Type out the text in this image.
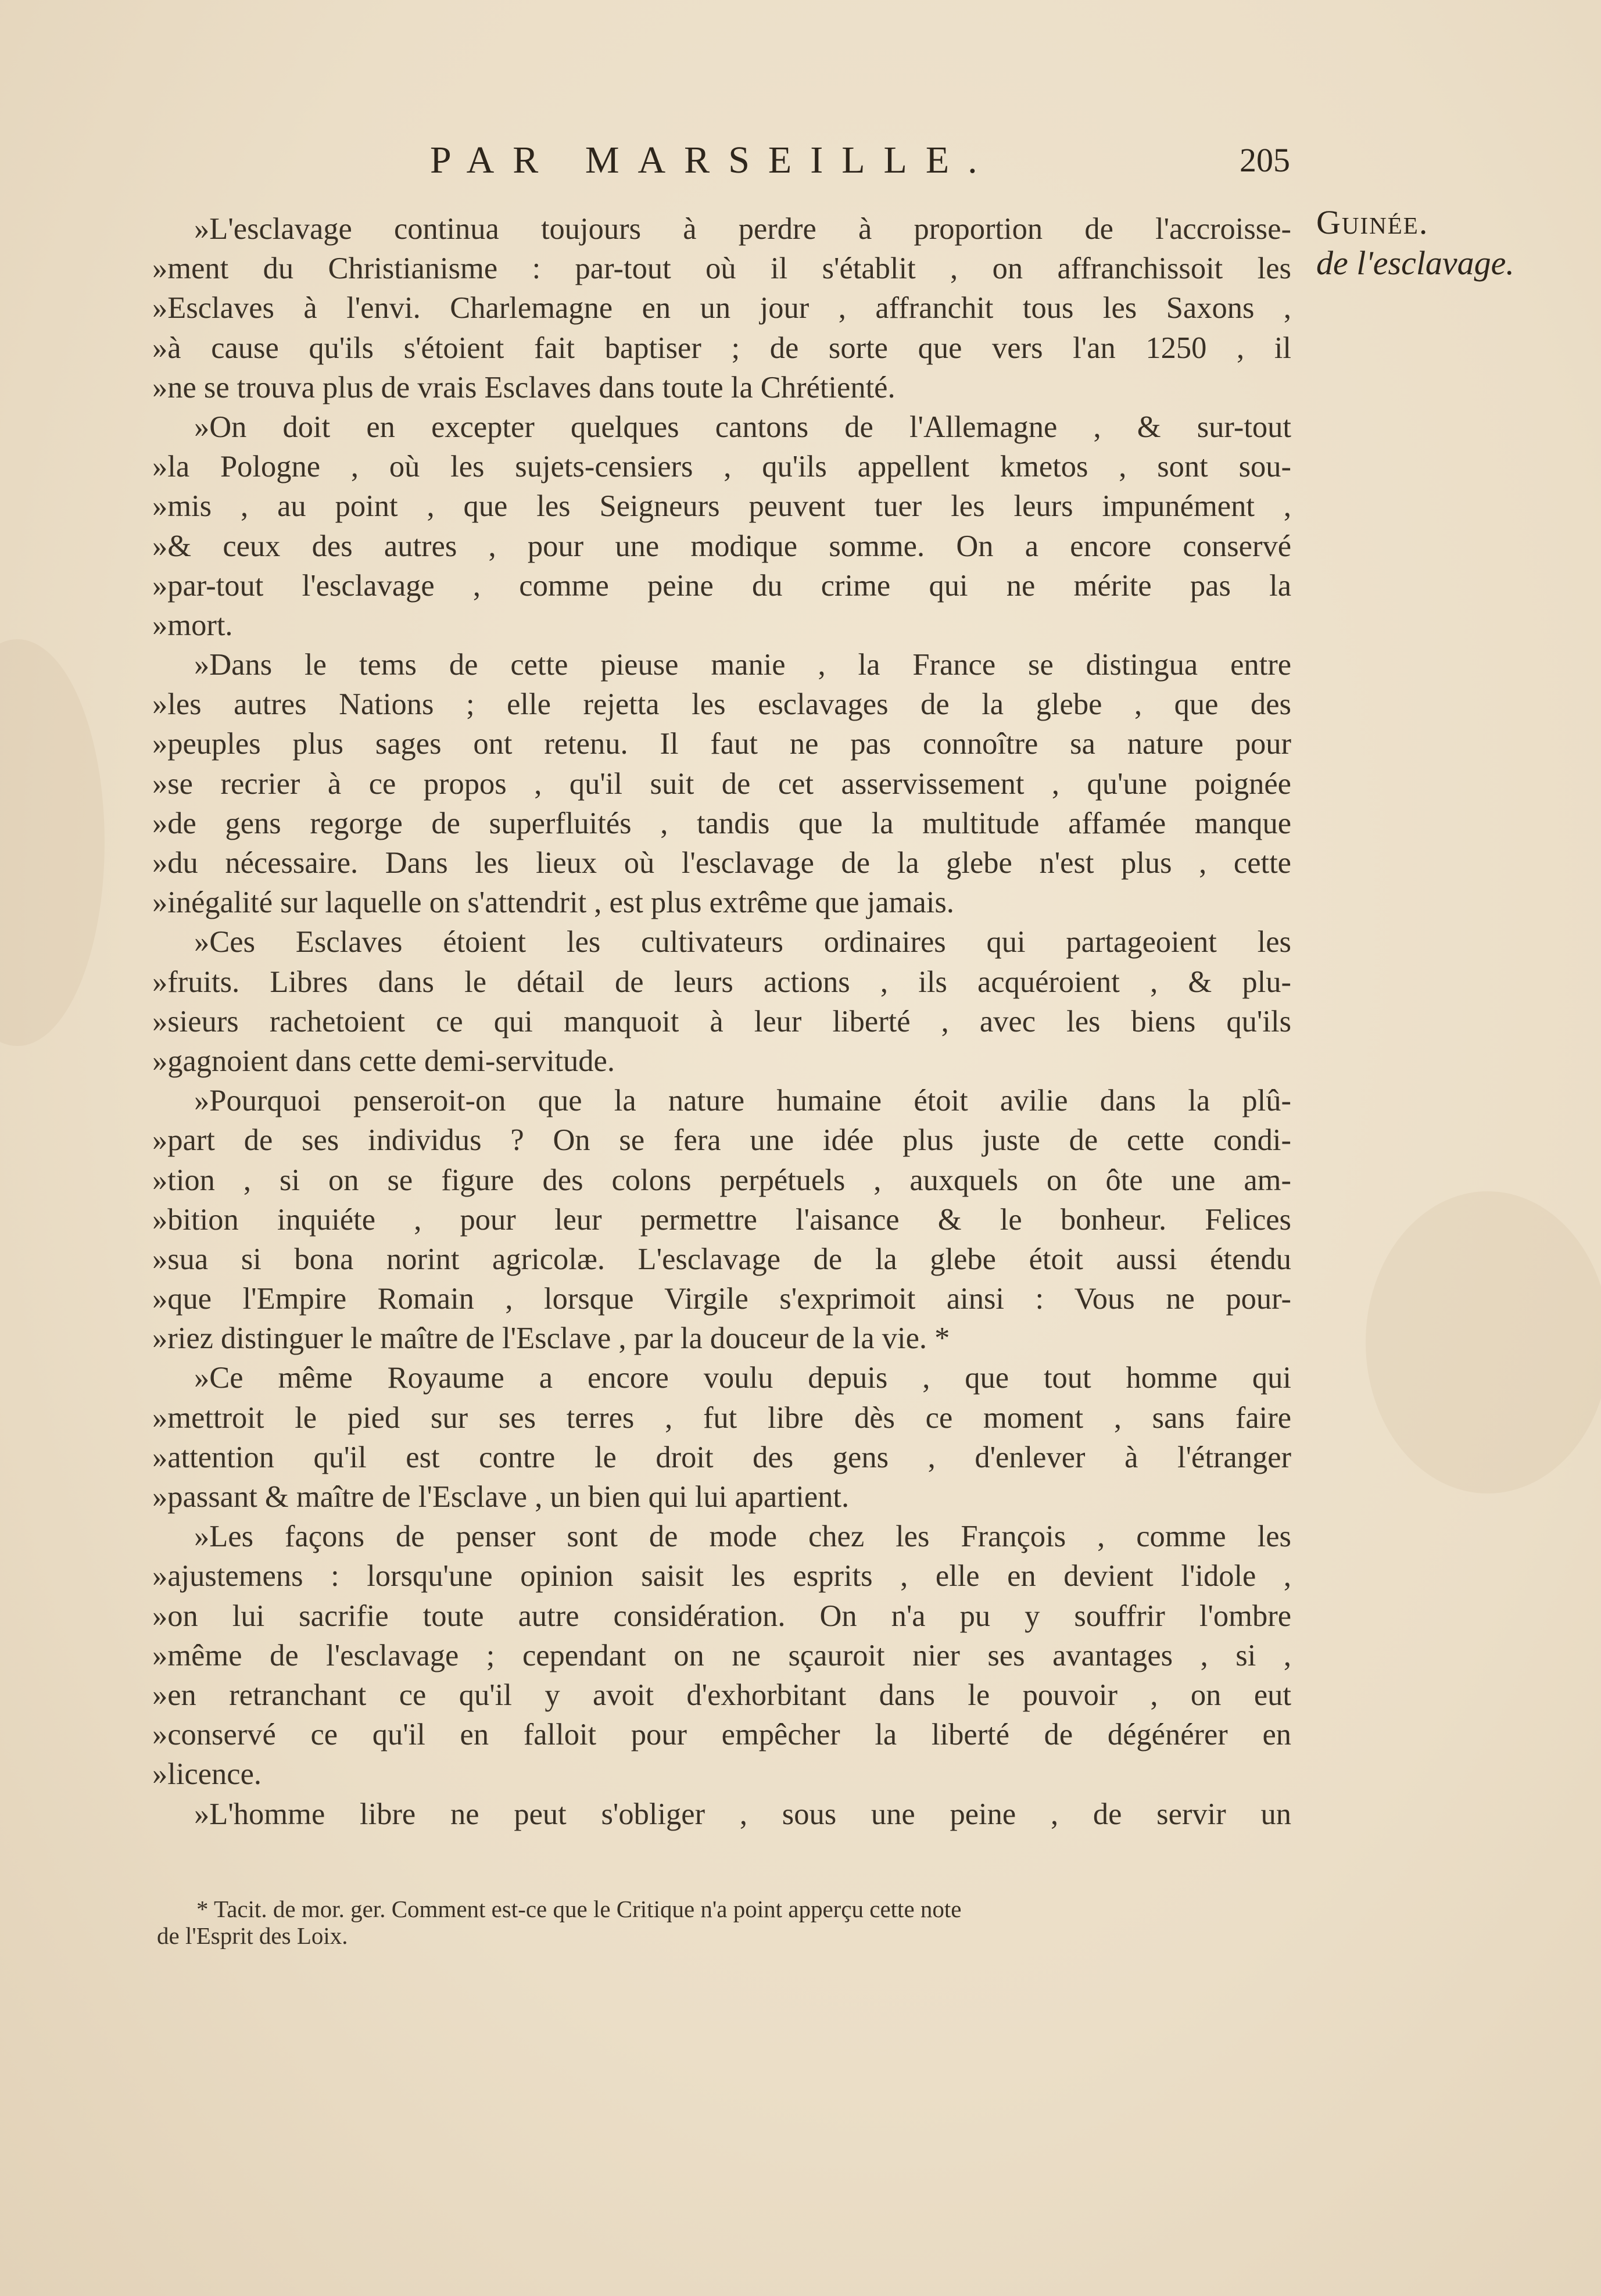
PAR MARSEILLE.	205
Guinée.
de l'esclavage.
»L'esclavage continua toujours à perdre à proportion de l'accroisse-
»ment du Christianisme : par-tout où il s'établit , on affranchissoit les
»Esclaves à l'envi. Charlemagne en un jour , affranchit tous les Saxons ,
»à cause qu'ils s'étoient fait baptiser ; de sorte que vers l'an 1250 , il
»ne se trouva plus de vrais Esclaves dans toute la Chrétienté.
»On doit en excepter quelques cantons de l'Allemagne , & sur-tout
»la Pologne , où les sujets-censiers , qu'ils appellent kmetos , sont sou-
»mis , au point , que les Seigneurs peuvent tuer les leurs impunément ,
»& ceux des autres , pour une modique somme. On a encore conservé
»par-tout l'esclavage , comme peine du crime qui ne mérite pas la
»mort.
»Dans le tems de cette pieuse manie , la France se distingua entre
»les autres Nations ; elle rejetta les esclavages de la glebe , que des
»peuples plus sages ont retenu. Il faut ne pas connoître sa nature pour
»se recrier à ce propos , qu'il suit de cet asservissement , qu'une poignée
»de gens regorge de superfluités , tandis que la multitude affamée manque
»du nécessaire. Dans les lieux où l'esclavage de la glebe n'est plus , cette
»inégalité sur laquelle on s'attendrit , est plus extrême que jamais.
»Ces Esclaves étoient les cultivateurs ordinaires qui partageoient les
»fruits. Libres dans le détail de leurs actions , ils acquéroient , & plu-
»sieurs rachetoient ce qui manquoit à leur liberté , avec les biens qu'ils
»gagnoient dans cette demi-servitude.
»Pourquoi penseroit-on que la nature humaine étoit avilie dans la plû-
»part de ses individus ? On se fera une idée plus juste de cette condi-
»tion , si on se figure des colons perpétuels , auxquels on ôte une am-
»bition inquiéte , pour leur permettre l'aisance & le bonheur. Felices
»sua si bona norint agricolæ. L'esclavage de la glebe étoit aussi étendu
»que l'Empire Romain , lorsque Virgile s'exprimoit ainsi : Vous ne pour-
»riez distinguer le maître de l'Esclave , par la douceur de la vie. *
»Ce même Royaume a encore voulu depuis , que tout homme qui
»mettroit le pied sur ses terres , fut libre dès ce moment , sans faire
»attention qu'il est contre le droit des gens , d'enlever à l'étranger
»passant & maître de l'Esclave , un bien qui lui apartient.
»Les façons de penser sont de mode chez les François , comme les
»ajustemens : lorsqu'une opinion saisit les esprits , elle en devient l'idole ,
»on lui sacrifie toute autre considération. On n'a pu y souffrir l'ombre
»même de l'esclavage ; cependant on ne sçauroit nier ses avantages , si ,
»en retranchant ce qu'il y avoit d'exhorbitant dans le pouvoir , on eut
»conservé ce qu'il en falloit pour empêcher la liberté de dégénérer en
»licence.
»L'homme libre ne peut s'obliger , sous une peine , de servir un
* Tacit. de mor. ger. Comment est-ce que le Critique n'a point apperçu cette note
de l'Esprit des Loix.
